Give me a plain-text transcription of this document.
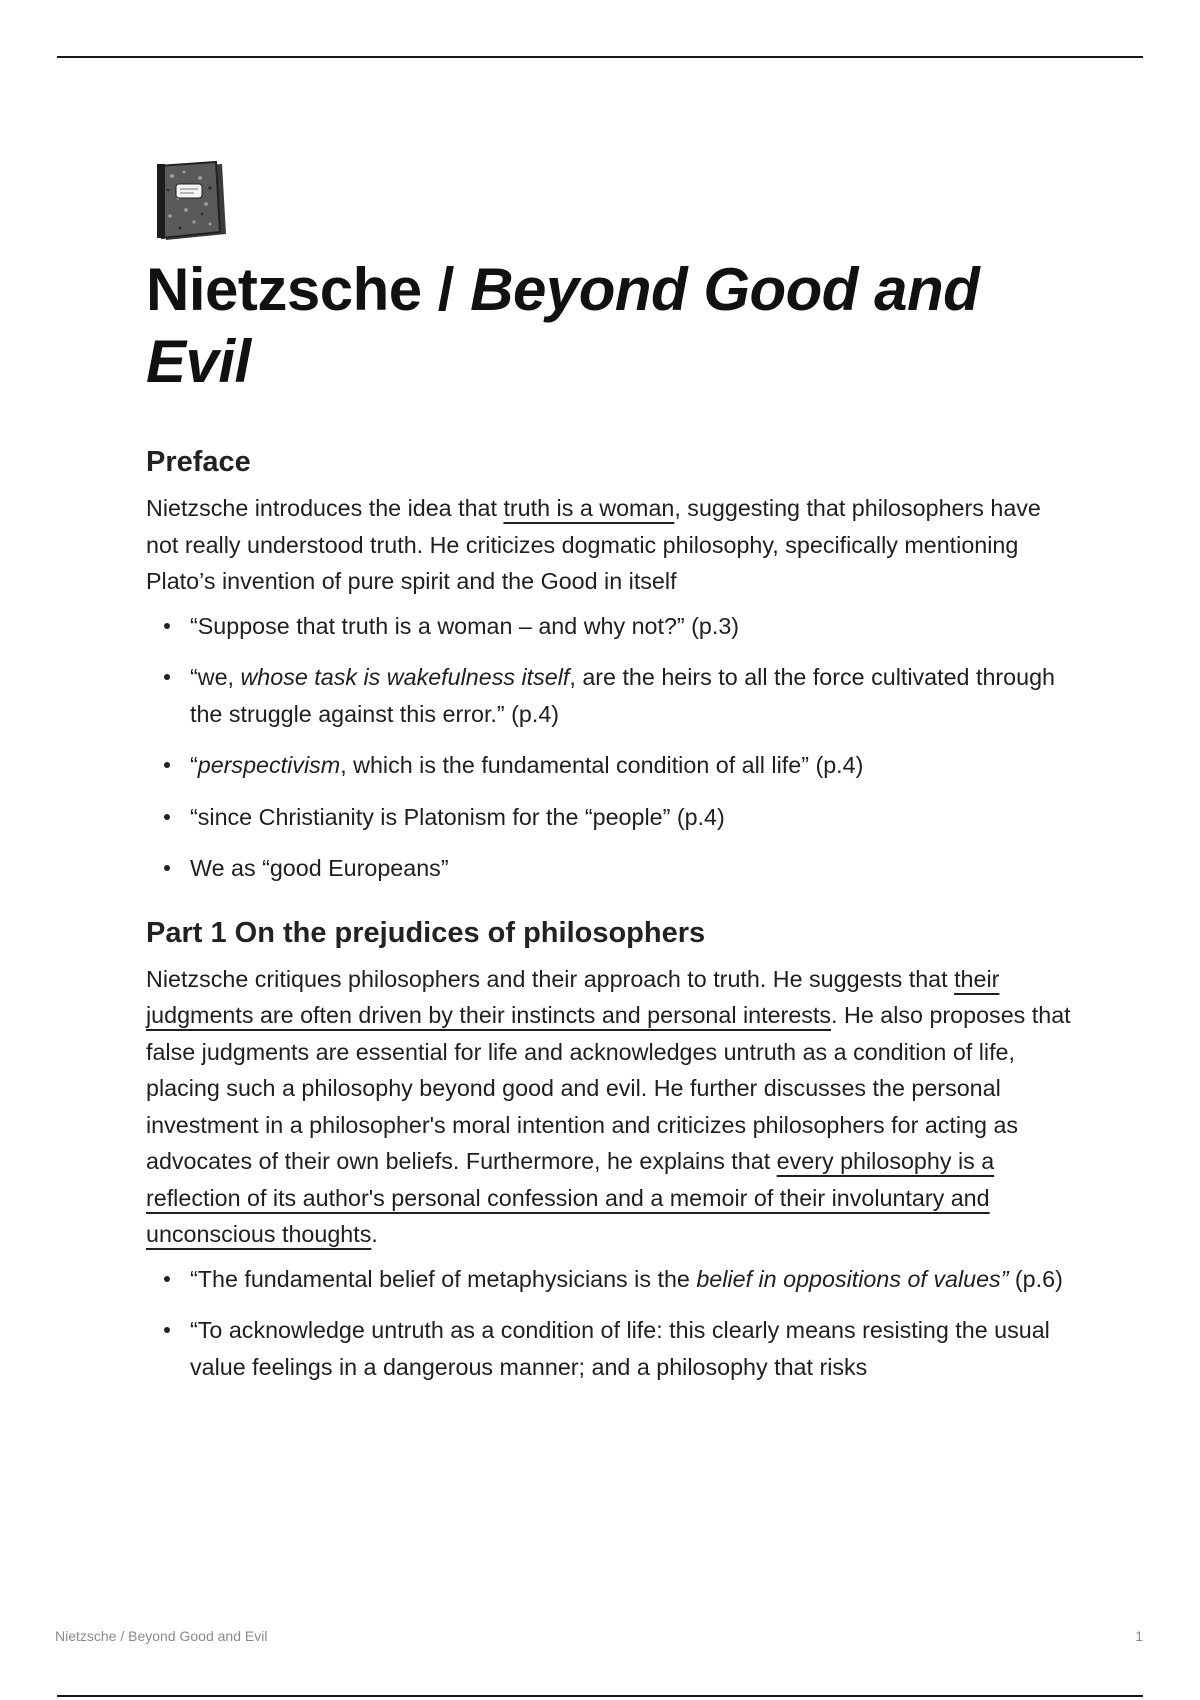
Nietzsche / Beyond Good and Evil
Preface

Nietzsche introduces the idea that truth is a woman, suggesting that philosophers have not really understood truth. He criticizes dogmatic philosophy, specifically mentioning Plato’s invention of pure spirit and the Good in itself

“Suppose that truth is a woman – and why not?” (p.3)
“we, whose task is wakefulness itself, are the heirs to all the force cultivated through the struggle against this error.” (p.4)
“perspectivism, which is the fundamental condition of all life” (p.4)
“since Christianity is Platonism for the “people” (p.4)
We as “good Europeans”
Part 1 On the prejudices of philosophers

Nietzsche critiques philosophers and their approach to truth. He suggests that their judgments are often driven by their instincts and personal interests. He also proposes that false judgments are essential for life and acknowledges untruth as a condition of life, placing such a philosophy beyond good and evil. He further discusses the personal investment in a philosopher's moral intention and criticizes philosophers for acting as advocates of their own beliefs. Furthermore, he explains that every philosophy is a reflection of its author's personal confession and a memoir of their involuntary and unconscious thoughts.

“The fundamental belief of metaphysicians is the belief in oppositions of values” (p.6)
“To acknowledge untruth as a condition of life: this clearly means resisting the usual value feelings in a dangerous manner; and a philosophy that risks
Nietzsche / Beyond Good and Evil	1
